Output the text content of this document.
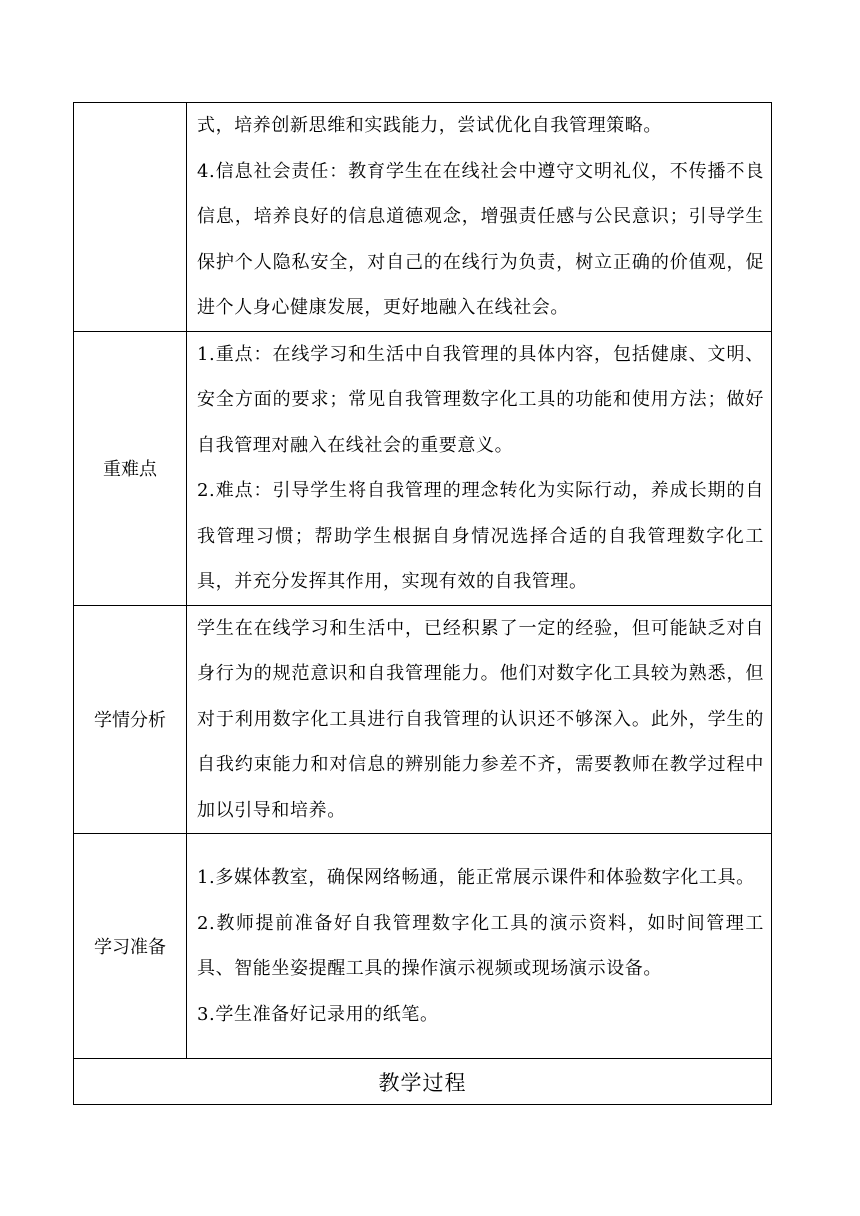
	式，培养创新思维和实践能力，尝试优化自我管理策略。

4.信息社会责任：教育学生在在线社会中遵守文明礼仪，不传播不良信息，培养良好的信息道德观念，增强责任感与公民意识；引导学生保护个人隐私安全，对自己的在线行为负责，树立正确的价值观，促进个人身心健康发展，更好地融入在线社会。

重难点	1.重点：在线学习和生活中自我管理的具体内容，包括健康、文明、安全方面的要求；常见自我管理数字化工具的功能和使用方法；做好自我管理对融入在线社会的重要意义。

2.难点：引导学生将自我管理的理念转化为实际行动，养成长期的自我管理习惯；帮助学生根据自身情况选择合适的自我管理数字化工具，并充分发挥其作用，实现有效的自我管理。

学情分析	学生在在线学习和生活中，已经积累了一定的经验，但可能缺乏对自身行为的规范意识和自我管理能力。他们对数字化工具较为熟悉，但对于利用数字化工具进行自我管理的认识还不够深入。此外，学生的自我约束能力和对信息的辨别能力参差不齐，需要教师在教学过程中加以引导和培养。

学习准备	1.多媒体教室，确保网络畅通，能正常展示课件和体验数字化工具。

2.教师提前准备好自我管理数字化工具的演示资料，如时间管理工具、智能坐姿提醒工具的操作演示视频或现场演示设备。

3.学生准备好记录用的纸笔。

教学过程	
